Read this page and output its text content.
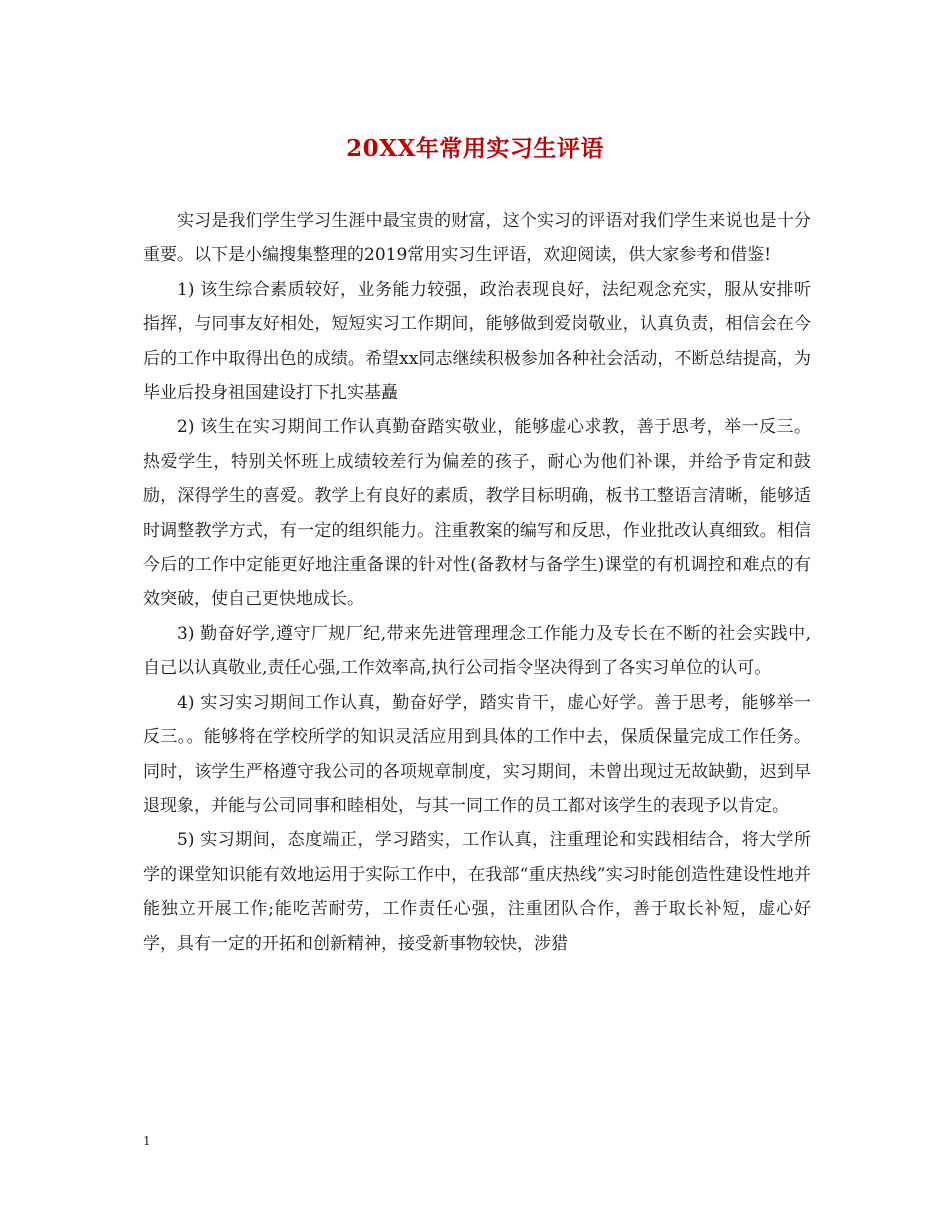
20XX年常用实习生评语

实习是我们学生学习生涯中最宝贵的财富，这个实习的评语对我们学生来说也是十分重要。以下是小编搜集整理的2019常用实习生评语，欢迎阅读，供大家参考和借鉴!

1) 该生综合素质较好，业务能力较强，政治表现良好，法纪观念充实，服从安排听指挥，与同事友好相处，短短实习工作期间，能够做到爱岗敬业，认真负责，相信会在今后的工作中取得出色的成绩。希望xx同志继续积极参加各种社会活动，不断总结提高，为毕业后投身祖国建设打下扎实基矗

2) 该生在实习期间工作认真勤奋踏实敬业，能够虚心求教，善于思考，举一反三。热爱学生，特别关怀班上成绩较差行为偏差的孩子，耐心为他们补课，并给予肯定和鼓励，深得学生的喜爱。教学上有良好的素质，教学目标明确，板书工整语言清晰，能够适时调整教学方式，有一定的组织能力。注重教案的编写和反思，作业批改认真细致。相信今后的工作中定能更好地注重备课的针对性(备教材与备学生)课堂的有机调控和难点的有效突破，使自己更快地成长。

3) 勤奋好学,遵守厂规厂纪,带来先进管理理念工作能力及专长在不断的社会实践中,自己以认真敬业,责任心强,工作效率高,执行公司指令坚决得到了各实习单位的认可。

4) 实习实习期间工作认真，勤奋好学，踏实肯干，虚心好学。善于思考，能够举一反三。。能够将在学校所学的知识灵活应用到具体的工作中去，保质保量完成工作任务。同时，该学生严格遵守我公司的各项规章制度，实习期间，未曾出现过无故缺勤，迟到早退现象，并能与公司同事和睦相处，与其一同工作的员工都对该学生的表现予以肯定。

5) 实习期间，态度端正，学习踏实，工作认真，注重理论和实践相结合，将大学所学的课堂知识能有效地运用于实际工作中，在我部“重庆热线”实习时能创造性建设性地并能独立开展工作;能吃苦耐劳，工作责任心强，注重团队合作，善于取长补短，虚心好学，具有一定的开拓和创新精神，接受新事物较快，涉猎

1
